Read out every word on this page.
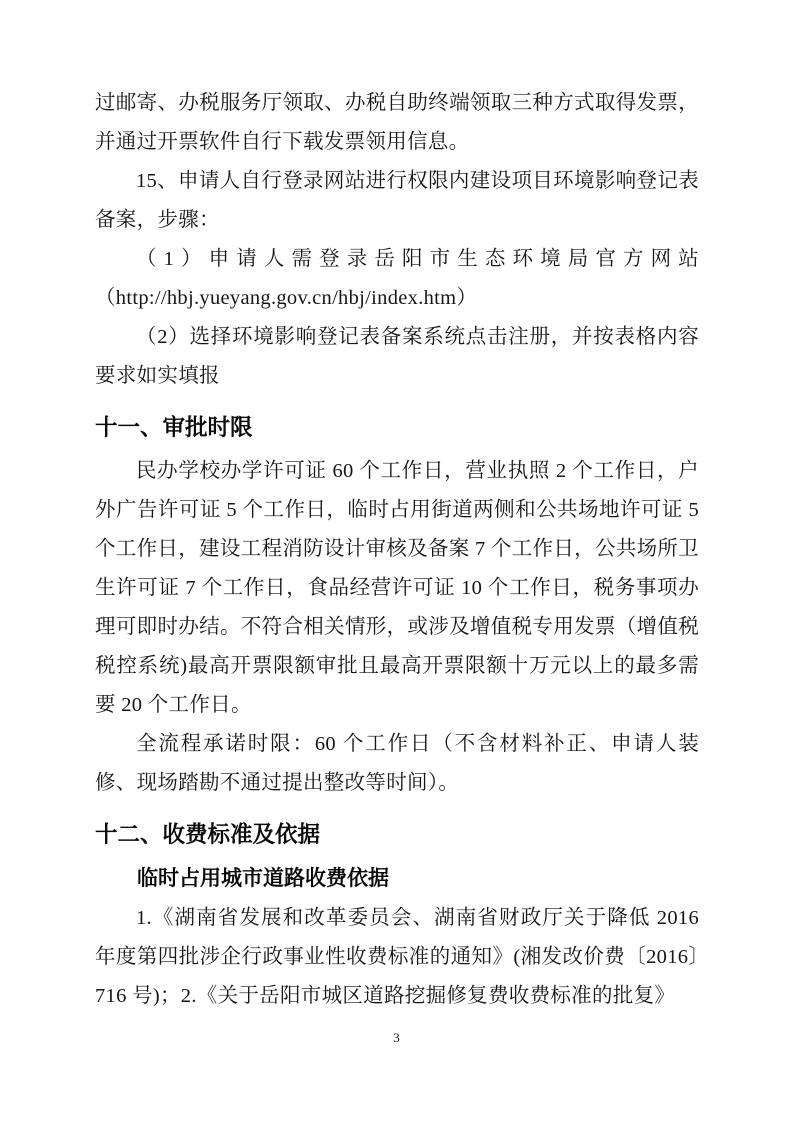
过邮寄、办税服务厅领取、办税自助终端领取三种方式取得发票，并通过开票软件自行下载发票领用信息。

15、申请人自行登录网站进行权限内建设项目环境影响登记表备案，步骤：

（1）申请人需登录岳阳市生态环境局官方网站

（http://hbj.yueyang.gov.cn/hbj/index.htm）

（2）选择环境影响登记表备案系统点击注册，并按表格内容要求如实填报

十一、审批时限

民办学校办学许可证 60 个工作日，营业执照 2 个工作日，户外广告许可证 5 个工作日，临时占用街道两侧和公共场地许可证 5 个工作日，建设工程消防设计审核及备案 7 个工作日，公共场所卫生许可证 7 个工作日，食品经营许可证 10 个工作日，税务事项办理可即时办结。不符合相关情形，或涉及增值税专用发票（增值税税控系统)最高开票限额审批且最高开票限额十万元以上的最多需要 20 个工作日。

全流程承诺时限：60 个工作日（不含材料补正、申请人装修、现场踏勘不通过提出整改等时间）。

十二、收费标准及依据
临时占用城市道路收费依据

1.《湖南省发展和改革委员会、湖南省财政厅关于降低 2016 年度第四批涉企行政事业性收费标准的通知》(湘发改价费〔2016〕716 号)；2.《关于岳阳市城区道路挖掘修复费收费标准的批复》

3
